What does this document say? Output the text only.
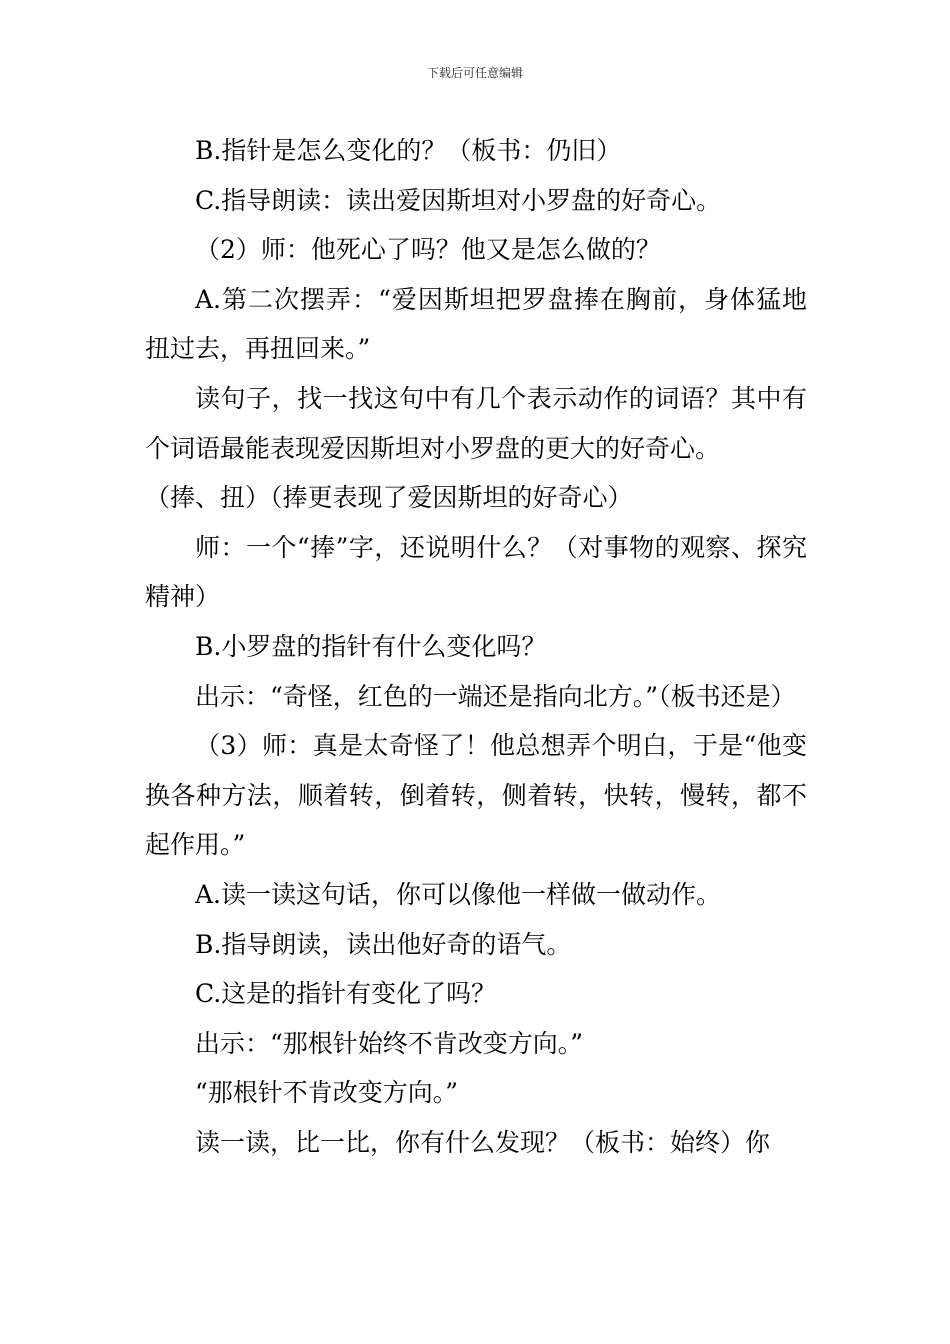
下载后可任意编辑

B.指针是怎么变化的？（板书：仍旧）

C.指导朗读：读出爱因斯坦对小罗盘的好奇心。

（2）师：他死心了吗？他又是怎么做的？

A.第二次摆弄：“爱因斯坦把罗盘捧在胸前，身体猛地扭过去，再扭回来。”

读句子，找一找这句中有几个表示动作的词语？其中有个词语最能表现爱因斯坦对小罗盘的更大的好奇心。

（捧、扭）（捧更表现了爱因斯坦的好奇心）

师：一个“捧”字，还说明什么？（对事物的观察、探究精神）

B.小罗盘的指针有什么变化吗？

出示：“奇怪，红色的一端还是指向北方。”（板书还是）

（3）师：真是太奇怪了！他总想弄个明白，于是“他变换各种方法，顺着转，倒着转，侧着转，快转，慢转，都不起作用。”

A.读一读这句话，你可以像他一样做一做动作。

B.指导朗读，读出他好奇的语气。

C.这是的指针有变化了吗？

出示：“那根针始终不肯改变方向。”

“那根针不肯改变方向。”

读一读，比一比，你有什么发现？（板书：始终）你
